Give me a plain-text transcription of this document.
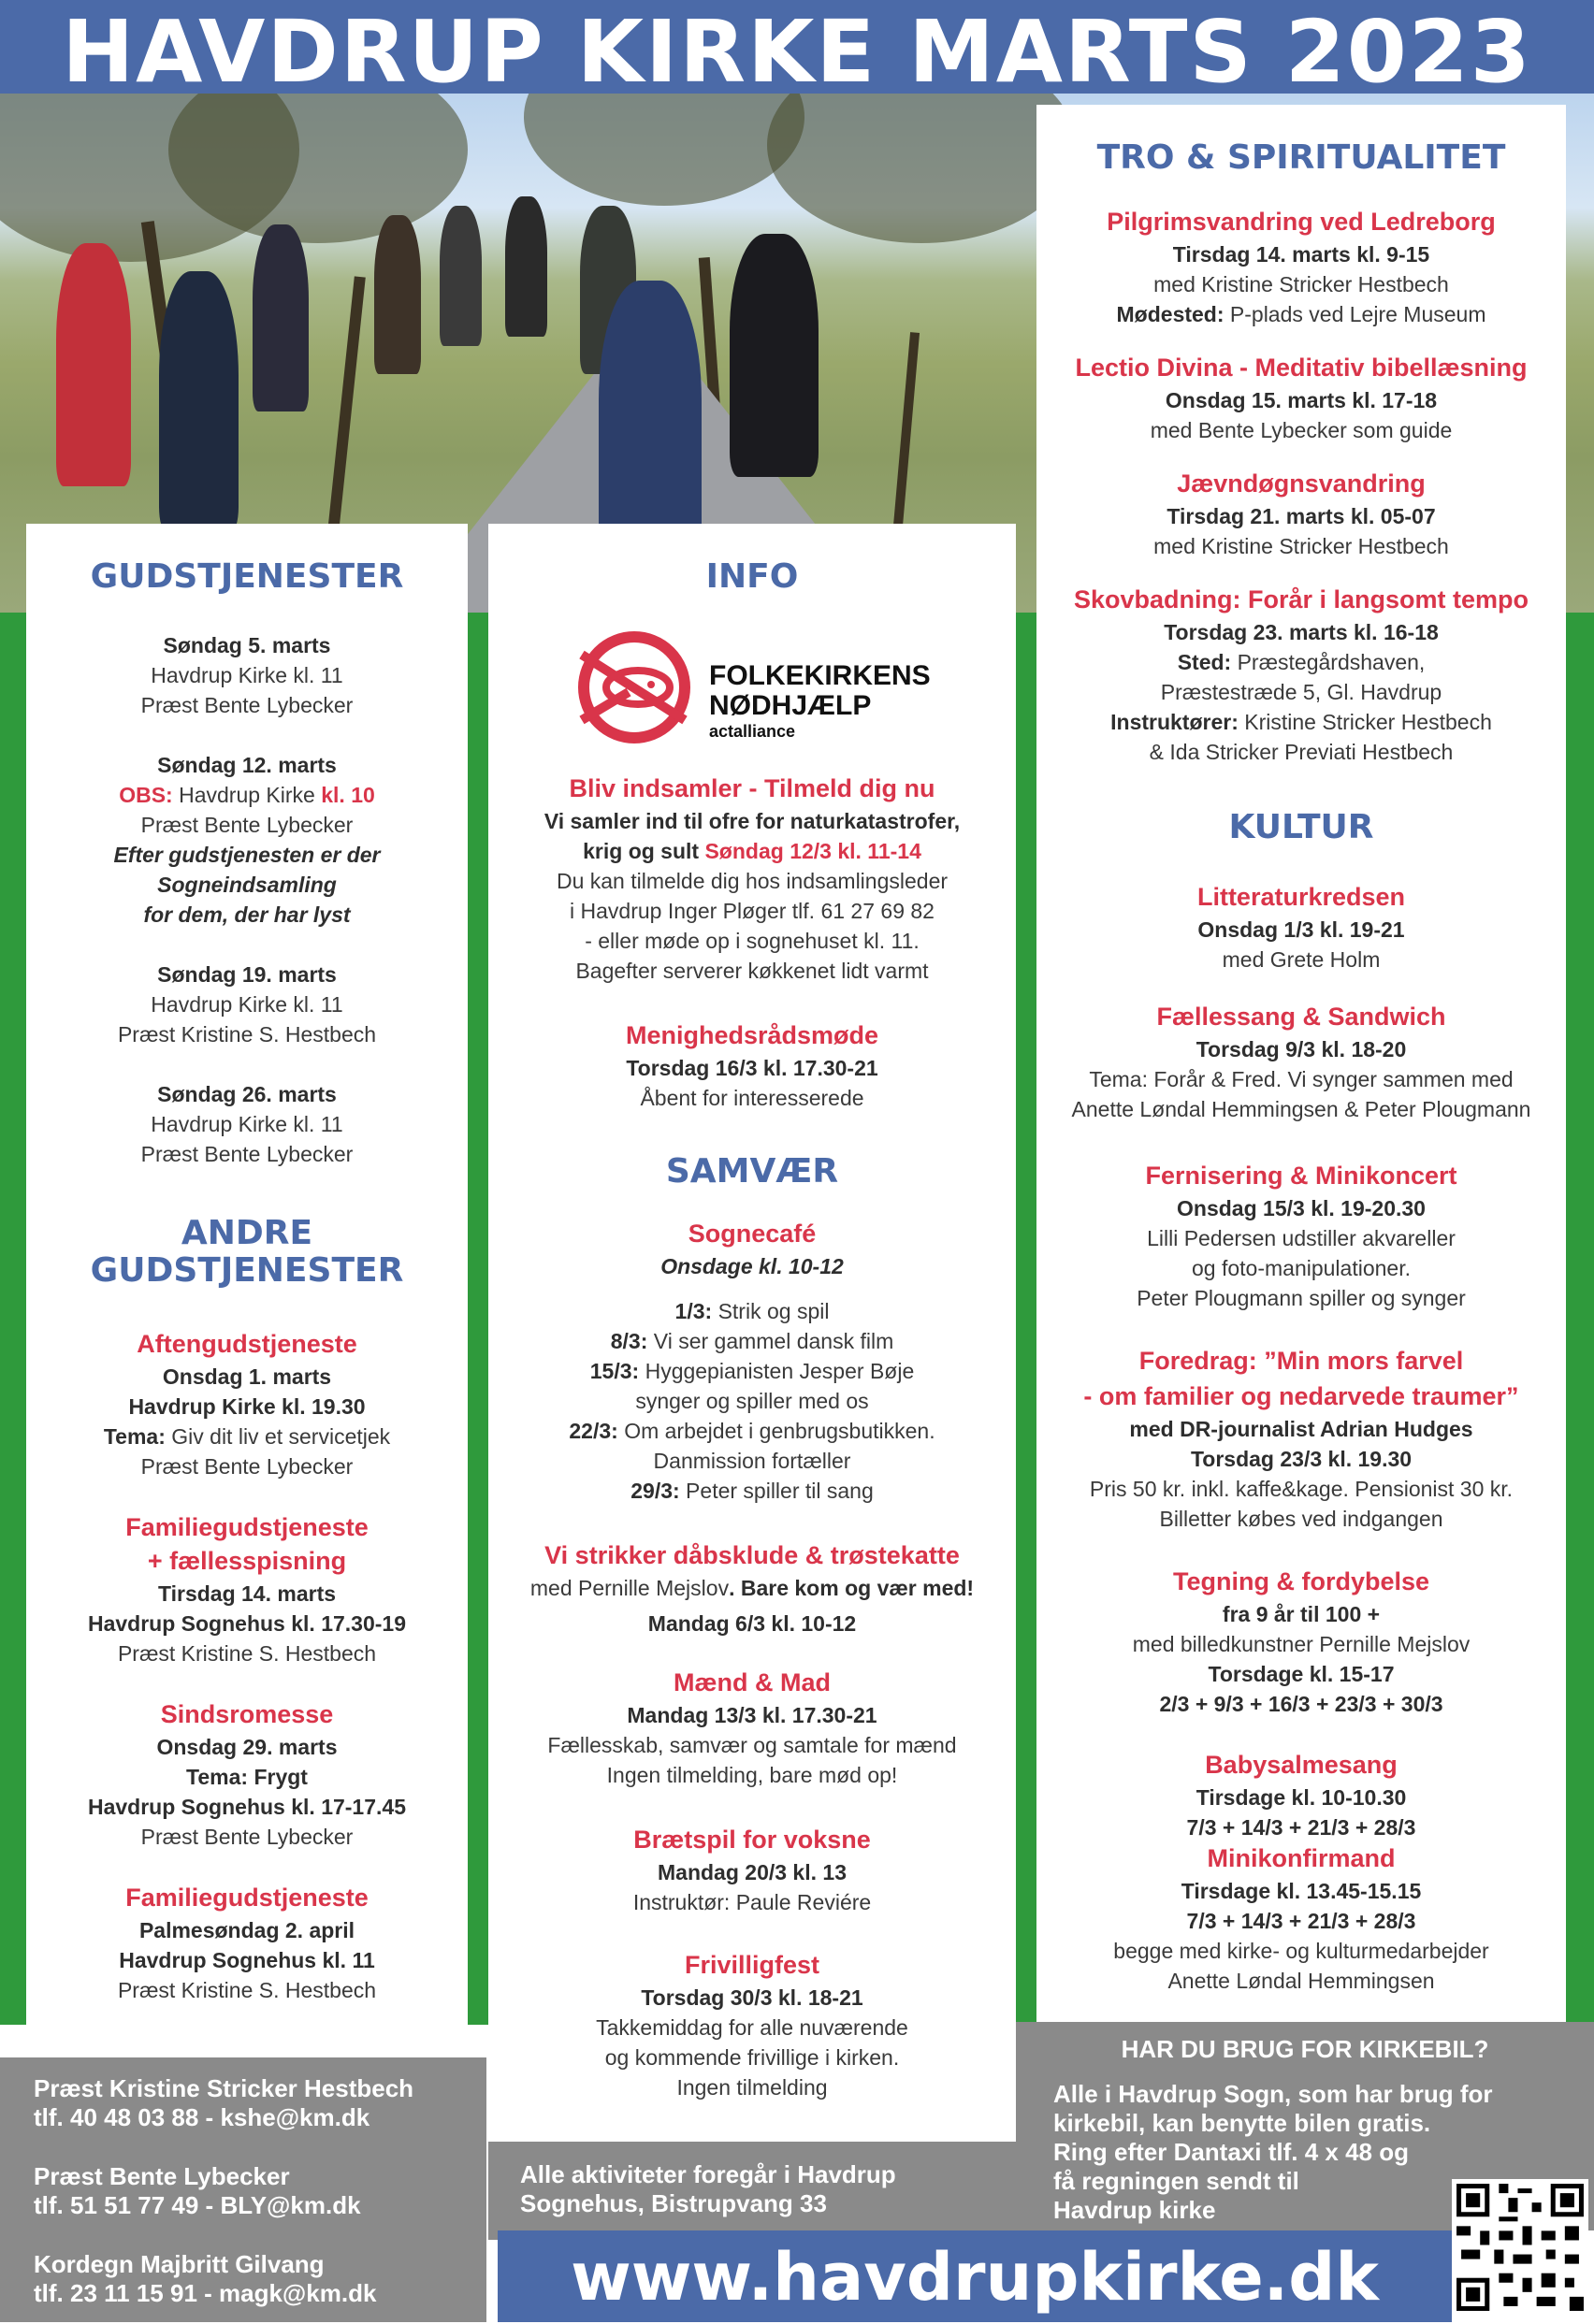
HAVDRUP KIRKE MARTS 2023
GUDSTJENESTER
Søndag 5. marts
Havdrup Kirke kl. 11
Præst Bente Lybecker
Søndag 12. marts
OBS: Havdrup Kirke kl. 10
Præst Bente Lybecker
Efter gudstjenesten er der
Sogneindsamling
for dem, der har lyst
Søndag 19. marts
Havdrup Kirke kl. 11
Præst Kristine S. Hestbech
Søndag 26. marts
Havdrup Kirke kl. 11
Præst Bente Lybecker
ANDRE
GUDSTJENESTER
Aftengudstjeneste
Onsdag 1. marts
Havdrup Kirke kl. 19.30
Tema: Giv dit liv et servicetjek
Præst Bente Lybecker
Familiegudstjeneste
+ fællesspisning
Tirsdag 14. marts
Havdrup Sognehus kl. 17.30-19
Præst Kristine S. Hestbech
Sindsromesse
Onsdag 29. marts
Tema: Frygt
Havdrup Sognehus kl. 17-17.45
Præst Bente Lybecker
Familiegudstjeneste
Palmesøndag 2. april
Havdrup Sognehus kl. 11
Præst Kristine S. Hestbech
INFO
FOLKEKIRKENS
NØDHJÆLP
actalliance
Bliv indsamler - Tilmeld dig nu
Vi samler ind til ofre for naturkatastrofer,
krig og sult Søndag 12/3 kl. 11-14
Du kan tilmelde dig hos indsamlingsleder
i Havdrup Inger Pløger tlf. 61 27 69 82
- eller møde op i sognehuset kl. 11.
Bagefter serverer køkkenet lidt varmt
Menighedsrådsmøde
Torsdag 16/3 kl. 17.30-21
Åbent for interesserede
SAMVÆR
Sognecafé
Onsdage kl. 10-12
1/3: Strik og spil
8/3: Vi ser gammel dansk film
15/3: Hyggepianisten Jesper Bøje
synger og spiller med os
22/3: Om arbejdet i genbrugsbutikken.
Danmission fortæller
29/3: Peter spiller til sang
Vi strikker dåbsklude & trøstekatte
med Pernille Mejslov. Bare kom og vær med!
Mandag 6/3 kl. 10-12
Mænd & Mad
Mandag 13/3 kl. 17.30-21
Fællesskab, samvær og samtale for mænd
Ingen tilmelding, bare mød op!
Brætspil for voksne
Mandag 20/3 kl. 13
Instruktør: Paule Reviére
Frivilligfest
Torsdag 30/3 kl. 18-21
Takkemiddag for alle nuværende
og kommende frivillige i kirken.
Ingen tilmelding
TRO & SPIRITUALITET
Pilgrimsvandring ved Ledreborg
Tirsdag 14. marts kl. 9-15
med Kristine Stricker Hestbech
Mødested: P-plads ved Lejre Museum
Lectio Divina - Meditativ bibellæsning
Onsdag 15. marts kl. 17-18
med Bente Lybecker som guide
Jævndøgnsvandring
Tirsdag 21. marts kl. 05-07
med Kristine Stricker Hestbech
Skovbadning: Forår i langsomt tempo
Torsdag 23. marts kl. 16-18
Sted: Præstegårdshaven,
Præstestræde 5, Gl. Havdrup
Instruktører: Kristine Stricker Hestbech
& Ida Stricker Previati Hestbech
KULTUR
Litteraturkredsen
Onsdag 1/3 kl. 19-21
med Grete Holm
Fællessang & Sandwich
Torsdag 9/3 kl. 18-20
Tema: Forår & Fred. Vi synger sammen med
Anette Løndal Hemmingsen & Peter Plougmann
Fernisering & Minikoncert
Onsdag 15/3 kl. 19-20.30
Lilli Pedersen udstiller akvareller
og foto-manipulationer.
Peter Plougmann spiller og synger
Foredrag: ”Min mors farvel
- om familier og nedarvede traumer”
med DR-journalist Adrian Hudges
Torsdag 23/3 kl. 19.30
Pris 50 kr. inkl. kaffe&kage. Pensionist 30 kr.
Billetter købes ved indgangen
Tegning & fordybelse
fra 9 år til 100 +
med billedkunstner Pernille Mejslov
Torsdage kl. 15-17
2/3 + 9/3 + 16/3 + 23/3 + 30/3
Babysalmesang
Tirsdage kl. 10-10.30
7/3 + 14/3 + 21/3 + 28/3
Minikonfirmand
Tirsdage kl. 13.45-15.15
7/3 + 14/3 + 21/3 + 28/3
begge med kirke- og kulturmedarbejder
Anette Løndal Hemmingsen
Præst Kristine Stricker Hestbech
tlf. 40 48 03 88 - kshe@km.dk
Præst Bente Lybecker
tlf. 51 51 77 49 - BLY@km.dk
Kordegn Majbritt Gilvang
tlf. 23 11 15 91 - magk@km.dk
Alle aktiviteter foregår i Havdrup
Sognehus, Bistrupvang 33
HAR DU BRUG FOR KIRKEBIL?
Alle i Havdrup Sogn, som har brug for
kirkebil, kan benytte bilen gratis.
Ring efter Dantaxi tlf. 4 x 48 og
få regningen sendt til
Havdrup kirke
www.havdrupkirke.dk
